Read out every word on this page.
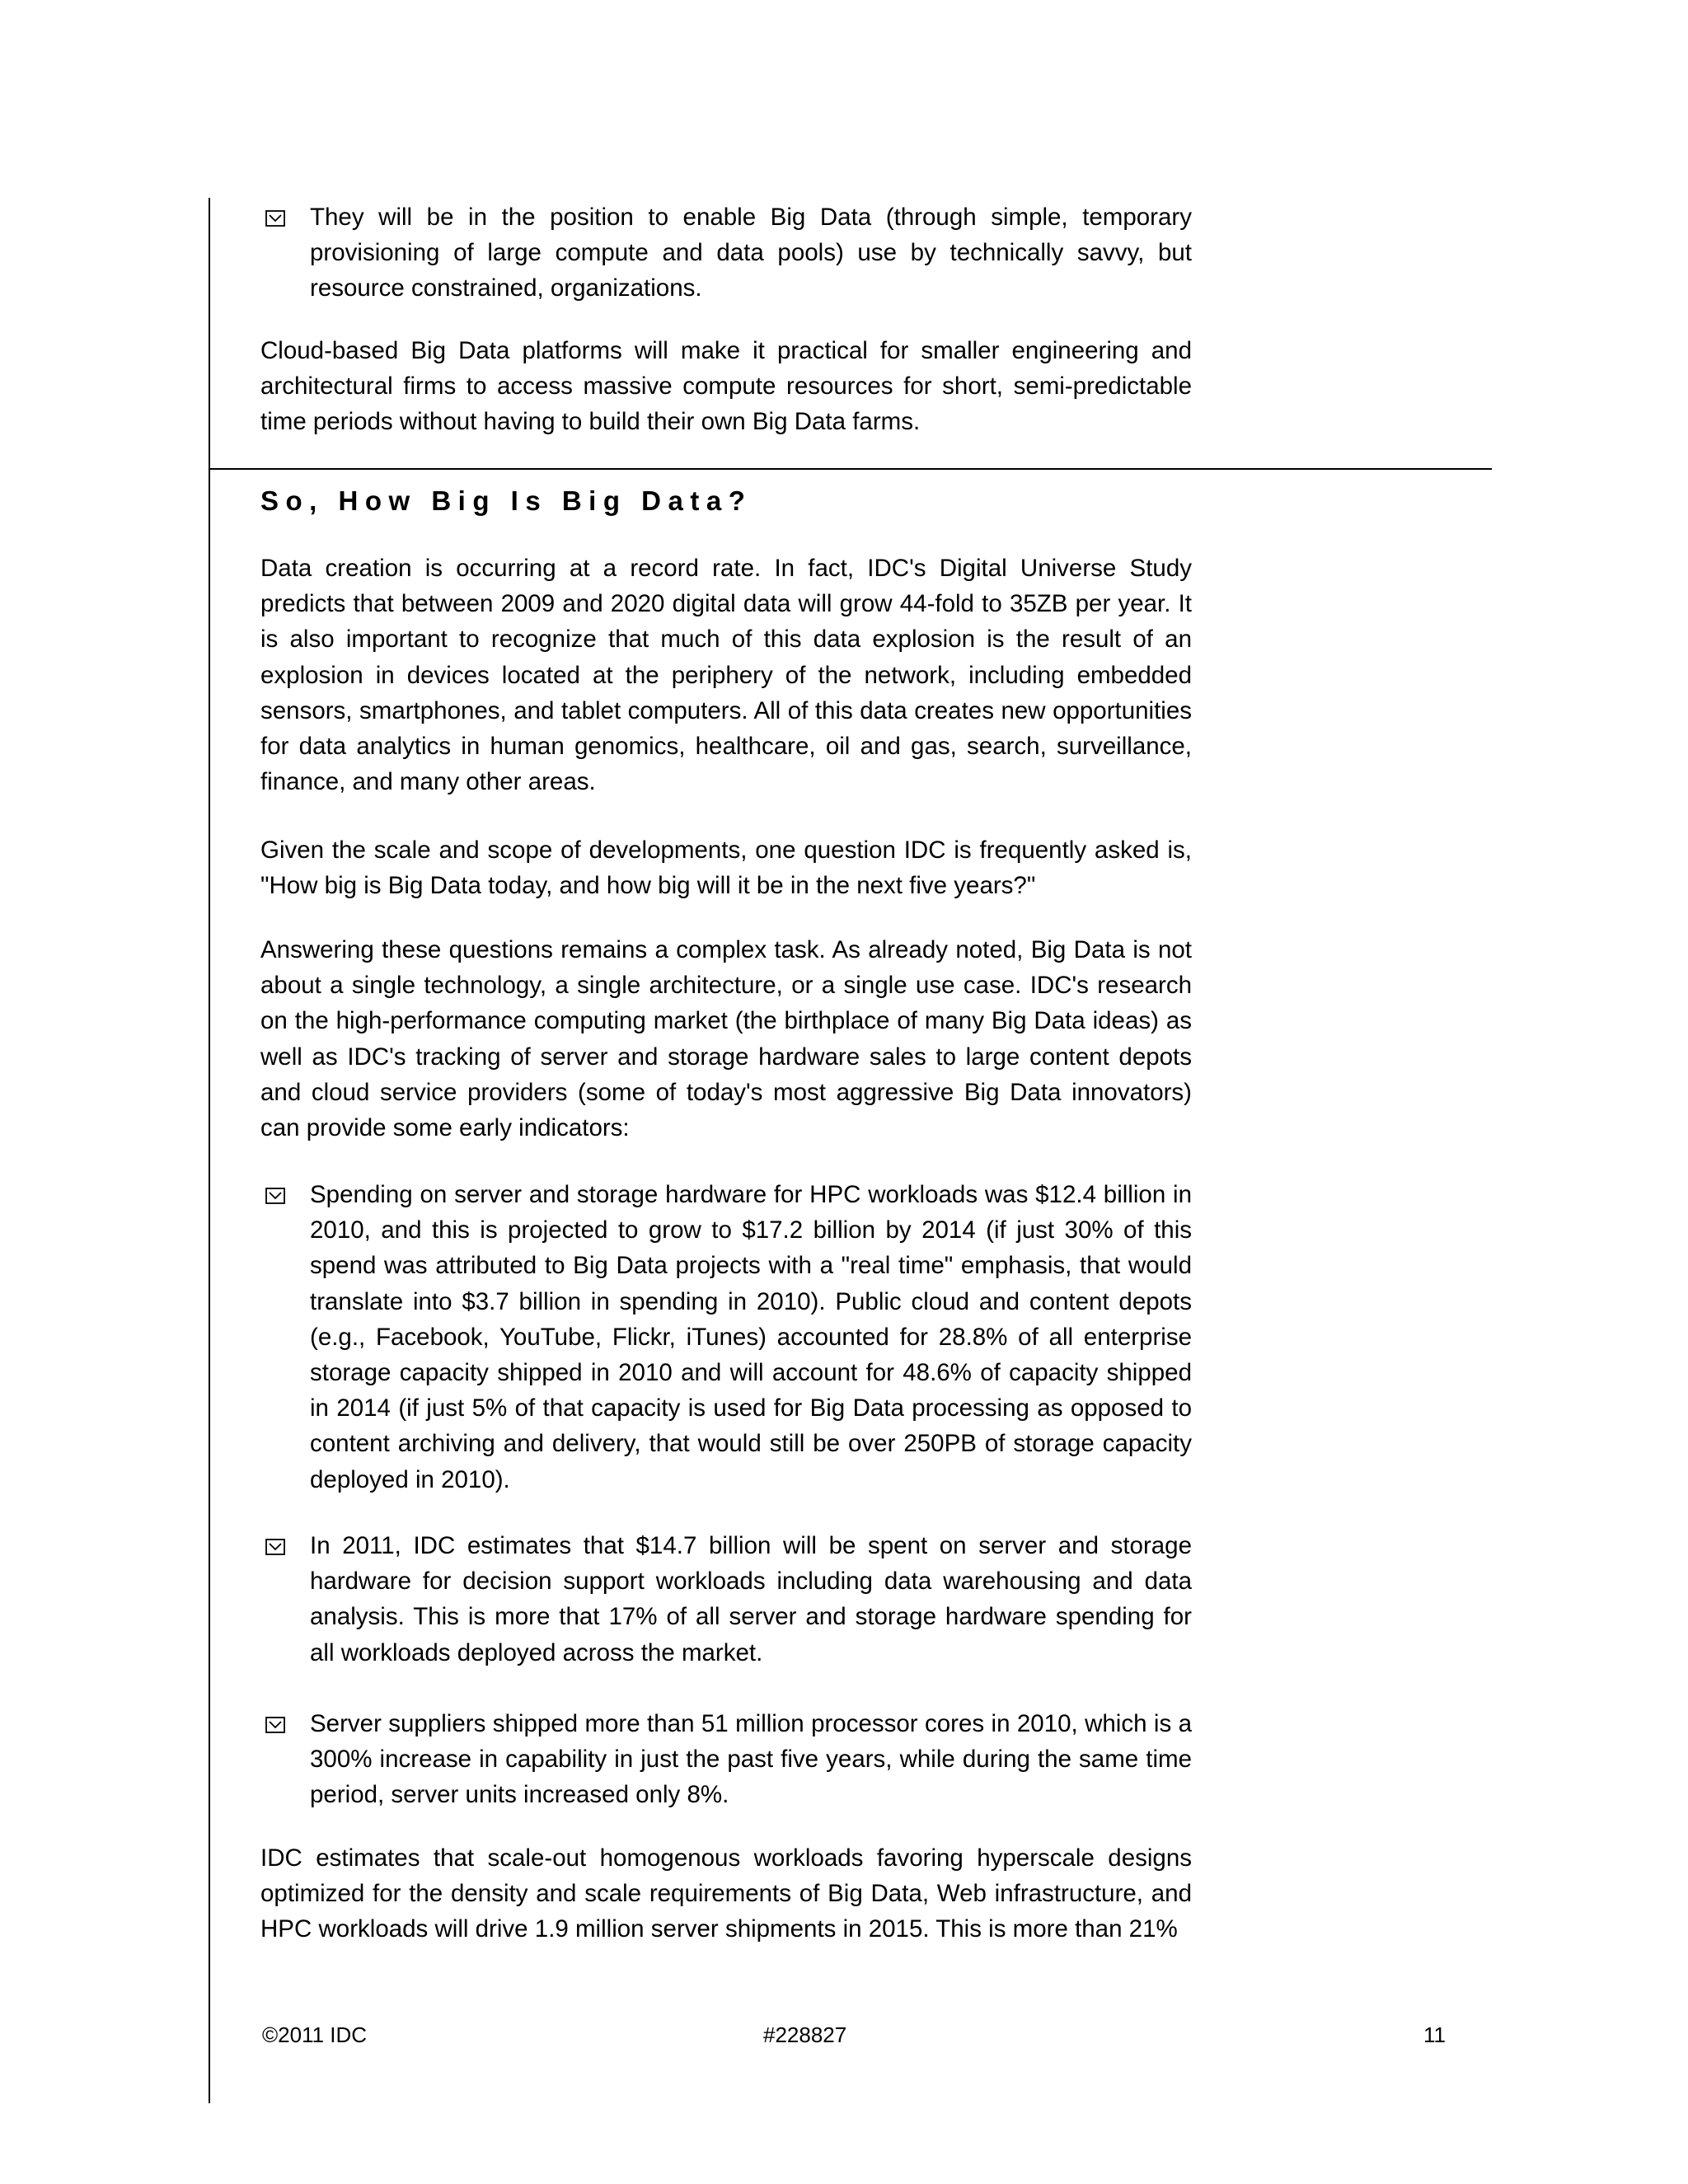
They will be in the position to enable Big Data (through simple, temporary provisioning of large compute and data pools) use by technically savvy, but resource constrained, organizations.

Cloud-based Big Data platforms will make it practical for smaller engineering and architectural firms to access massive compute resources for short, semi-predictable time periods without having to build their own Big Data farms.

So, How Big Is Big Data?

Data creation is occurring at a record rate. In fact, IDC's Digital Universe Study predicts that between 2009 and 2020 digital data will grow 44-fold to 35ZB per year. It is also important to recognize that much of this data explosion is the result of an explosion in devices located at the periphery of the network, including embedded sensors, smartphones, and tablet computers. All of this data creates new opportunities for data analytics in human genomics, healthcare, oil and gas, search, surveillance, finance, and many other areas.

Given the scale and scope of developments, one question IDC is frequently asked is, "How big is Big Data today, and how big will it be in the next five years?"

Answering these questions remains a complex task. As already noted, Big Data is not about a single technology, a single architecture, or a single use case. IDC's research on the high-performance computing market (the birthplace of many Big Data ideas) as well as IDC's tracking of server and storage hardware sales to large content depots and cloud service providers (some of today's most aggressive Big Data innovators) can provide some early indicators:

Spending on server and storage hardware for HPC workloads was $12.4 billion in 2010, and this is projected to grow to $17.2 billion by 2014 (if just 30% of this spend was attributed to Big Data projects with a "real time" emphasis, that would translate into $3.7 billion in spending in 2010). Public cloud and content depots (e.g., Facebook, YouTube, Flickr, iTunes) accounted for 28.8% of all enterprise storage capacity shipped in 2010 and will account for 48.6% of capacity shipped in 2014 (if just 5% of that capacity is used for Big Data processing as opposed to content archiving and delivery, that would still be over 250PB of storage capacity deployed in 2010).
In 2011, IDC estimates that $14.7 billion will be spent on server and storage hardware for decision support workloads including data warehousing and data analysis. This is more that 17% of all server and storage hardware spending for all workloads deployed across the market.
Server suppliers shipped more than 51 million processor cores in 2010, which is a 300% increase in capability in just the past five years, while during the same time period, server units increased only 8%.

IDC estimates that scale-out homogenous workloads favoring hyperscale designs optimized for the density and scale requirements of Big Data, Web infrastructure, and HPC workloads will drive 1.9 million server shipments in 2015. This is more than 21%

©2011 IDC	#228827	11
